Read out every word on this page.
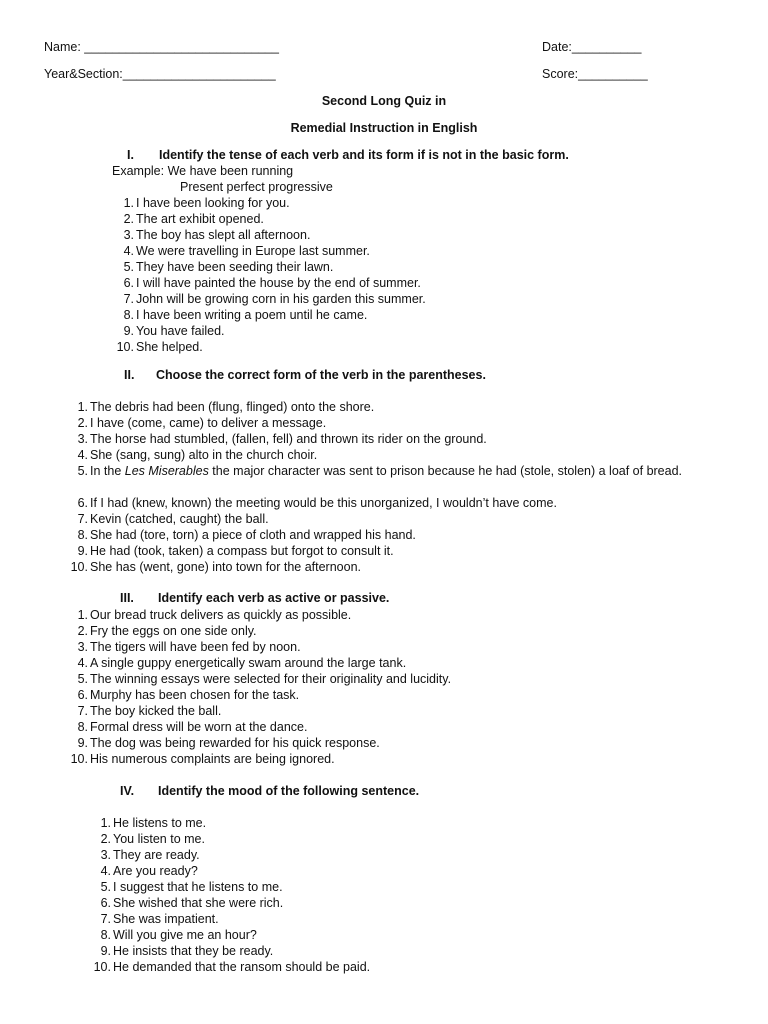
Name: ____________________________	Date:__________
Year&Section:______________________	Score:__________
Second Long Quiz in
Remedial Instruction in English
I. Identify the tense of each verb and its form if is not in the basic form.
Example: We have been running
Present perfect progressive
1. I have been looking for you.
2. The art exhibit opened.
3. The boy has slept all afternoon.
4. We were travelling in Europe last summer.
5. They have been seeding their lawn.
6. I will have painted the house by the end of summer.
7. John will be growing corn in his garden this summer.
8. I have been writing a poem until he came.
9. You have failed.
10. She helped.
II. Choose the correct form of the verb in the parentheses.
1. The debris had been (flung, flinged) onto the shore.
2. I have (come, came) to deliver a message.
3. The horse had stumbled, (fallen, fell) and thrown its rider on the ground.
4. She (sang, sung) alto in the church choir.
5. In the Les Miserables the major character was sent to prison because he had (stole, stolen) a loaf of bread.
6. If I had (knew, known) the meeting would be this unorganized, I wouldn’t have come.
7. Kevin (catched, caught) the ball.
8. She had (tore, torn) a piece of cloth and wrapped his hand.
9. He had (took, taken) a compass but forgot to consult it.
10. She has (went, gone) into town for the afternoon.
III. Identify each verb as active or passive.
1. Our bread truck delivers as quickly as possible.
2. Fry the eggs on one side only.
3. The tigers will have been fed by noon.
4. A single guppy energetically swam around the large tank.
5. The winning essays were selected for their originality and lucidity.
6. Murphy has been chosen for the task.
7. The boy kicked the ball.
8. Formal dress will be worn at the dance.
9. The dog was being rewarded for his quick response.
10. His numerous complaints are being ignored.
IV. Identify the mood of the following sentence.
1. He listens to me.
2. You listen to me.
3. They are ready.
4. Are you ready?
5. I suggest that he listens to me.
6. She wished that she were rich.
7. She was impatient.
8. Will you give me an hour?
9. He insists that they be ready.
10. He demanded that the ransom should be paid.
